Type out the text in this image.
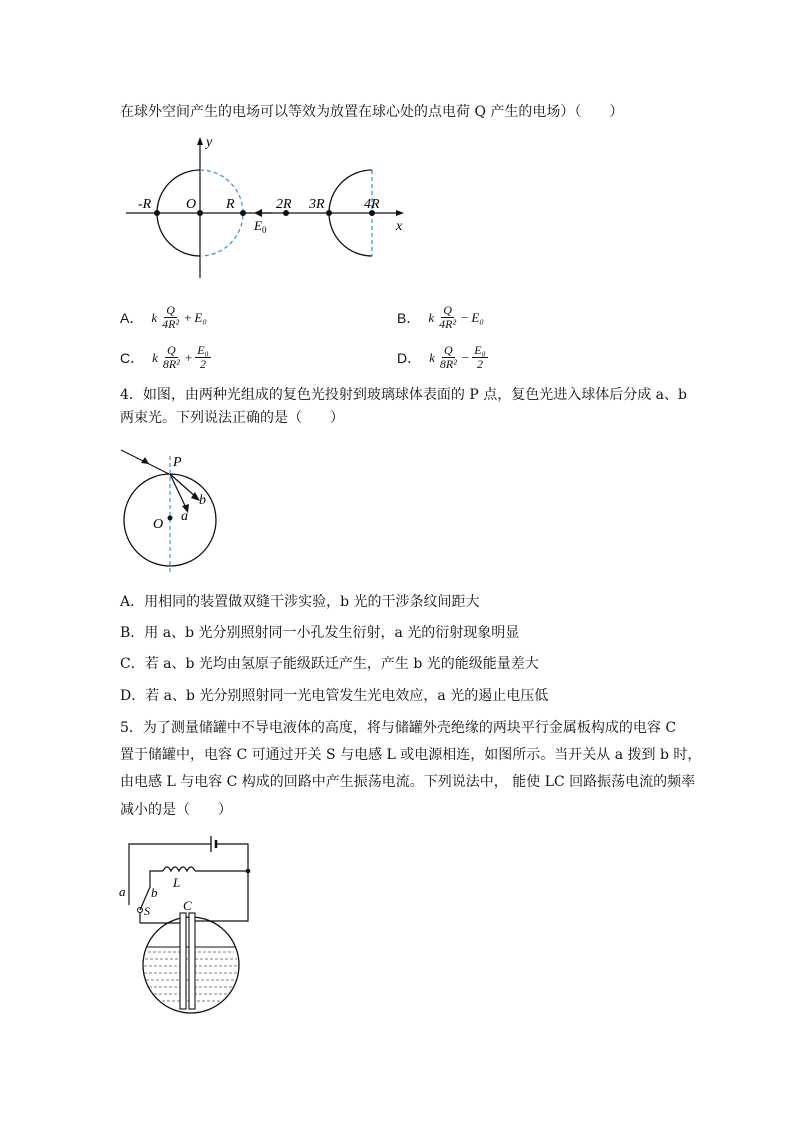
在球外空间产生的电场可以等效为放置在球心处的点电荷 Q 产生的电场）（　　）
y
x
-R O R	2R 3R	4R
$E_0$
A． k $\frac{Q}{\text{4R²}} + E_0$	B． k $\frac{Q}{\text{4R²}} - E_0$
C． k $\frac{Q}{\text{8R²}} + \frac{\text{E₀}}{2}$	D． k $\frac{Q}{\text{8R²}} - \frac{\text{E₀}}{2}$
4．如图，由两种光组成的复色光投射到玻璃球体表面的 P 点，复色光进入球体后分成 a、b
两束光。下列说法正确的是（　　）
P
O
a
b
A．用相同的装置做双缝干涉实验，b 光的干涉条纹间距大
B．用 a、b 光分别照射同一小孔发生衍射，a 光的衍射现象明显
C．若 a、b 光均由氢原子能级跃迁产生，产生 b 光的能级能量差大
D．若 a、b 光分别照射同一光电管发生光电效应，a 光的遏止电压低
5．为了测量储罐中不导电液体的高度，将与储罐外壳绝缘的两块平行金属板构成的电容 C
置于储罐中，电容 C 可通过开关 S 与电感 L 或电源相连，如图所示。当开关从 a 拨到 b 时，
由电感 L 与电容 C 构成的回路中产生振荡电流。下列说法中， 能使 LC 回路振荡电流的频率
减小的是（　　）
a b
L
S	C
